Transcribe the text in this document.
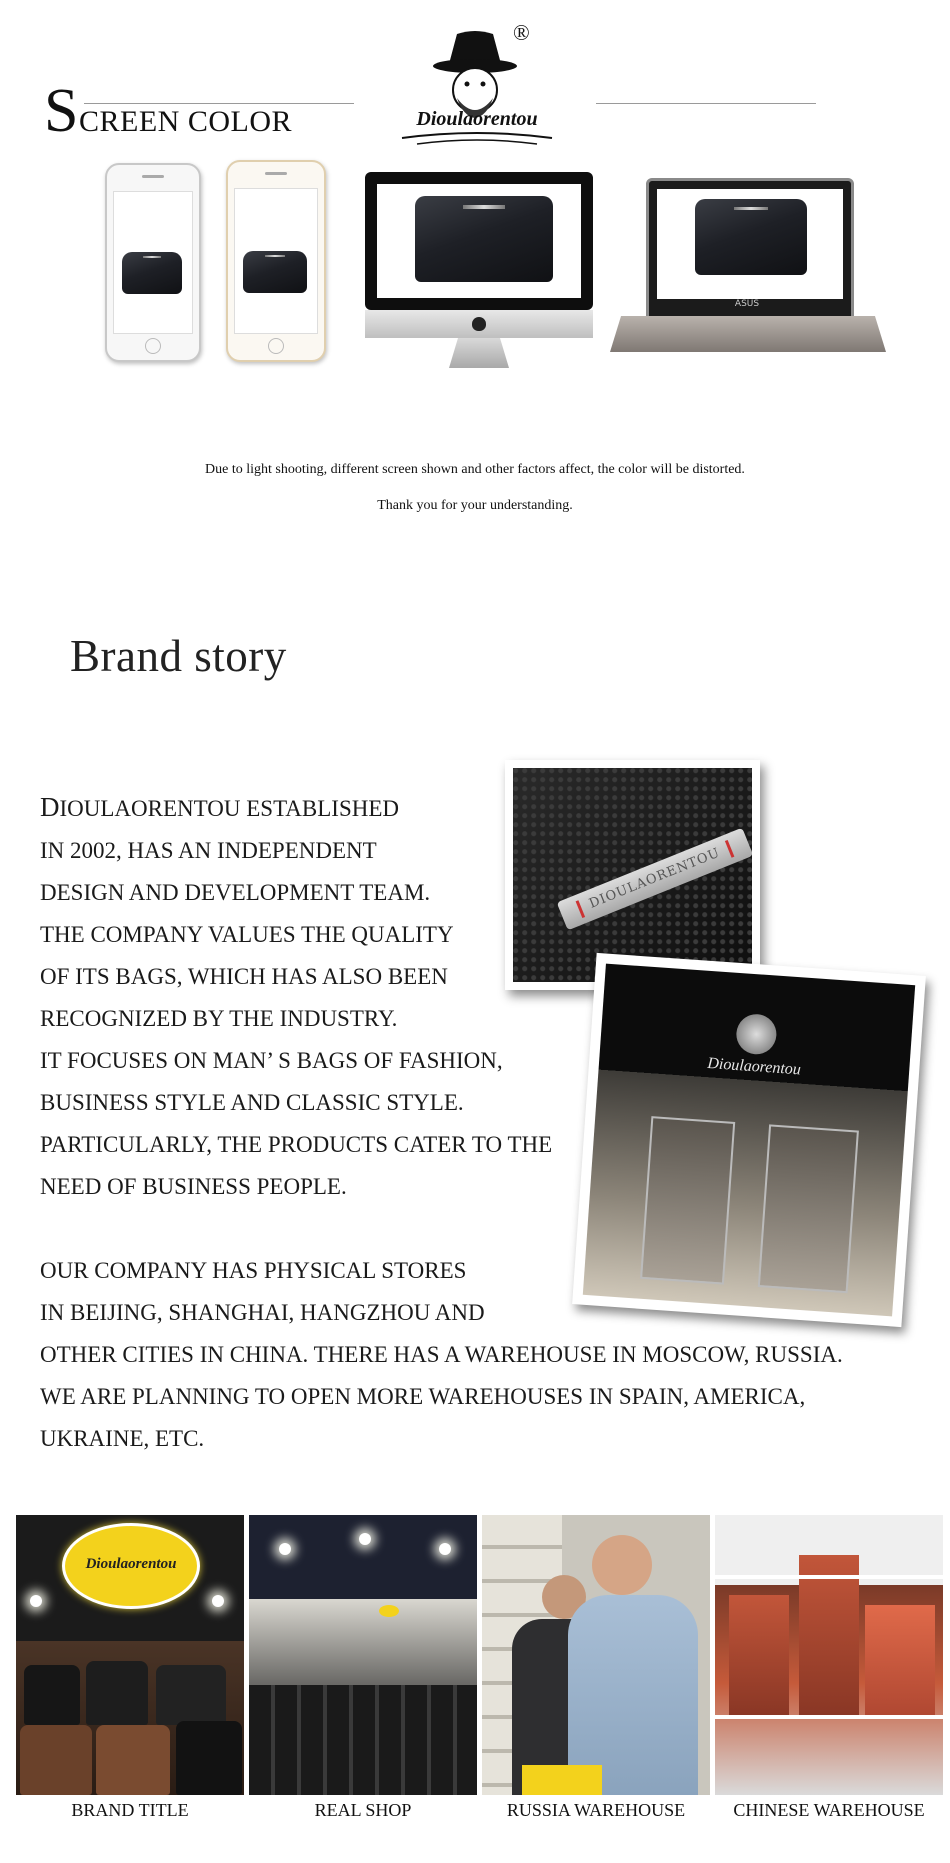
SCREEN COLOR
®
Dioulaorentou
ASUS
Due to light shooting, different screen shown and other factors affect, the color will be distorted.
Thank you for your understanding.
Brand story
DIOULAORENTOU
Dioulaorentou

DIOULAORENTOU ESTABLISHED

IN 2002, HAS AN INDEPENDENT

DESIGN AND DEVELOPMENT TEAM.

THE COMPANY VALUES THE QUALITY

OF ITS BAGS, WHICH HAS ALSO BEEN

RECOGNIZED BY THE INDUSTRY.

IT FOCUSES ON MAN’ S BAGS OF FASHION,

BUSINESS STYLE AND CLASSIC STYLE.

PARTICULARLY, THE PRODUCTS CATER TO THE

NEED OF BUSINESS PEOPLE.

OUR COMPANY HAS PHYSICAL STORES

IN BEIJING, SHANGHAI, HANGZHOU AND

OTHER CITIES IN CHINA. THERE HAS A WAREHOUSE IN MOSCOW, RUSSIA.

WE ARE PLANNING TO OPEN MORE WAREHOUSES IN SPAIN, AMERICA,

UKRAINE, ETC.

Dioulaorentou
BRAND TITLE	REAL SHOP	RUSSIA WAREHOUSE	CHINESE WAREHOUSE
